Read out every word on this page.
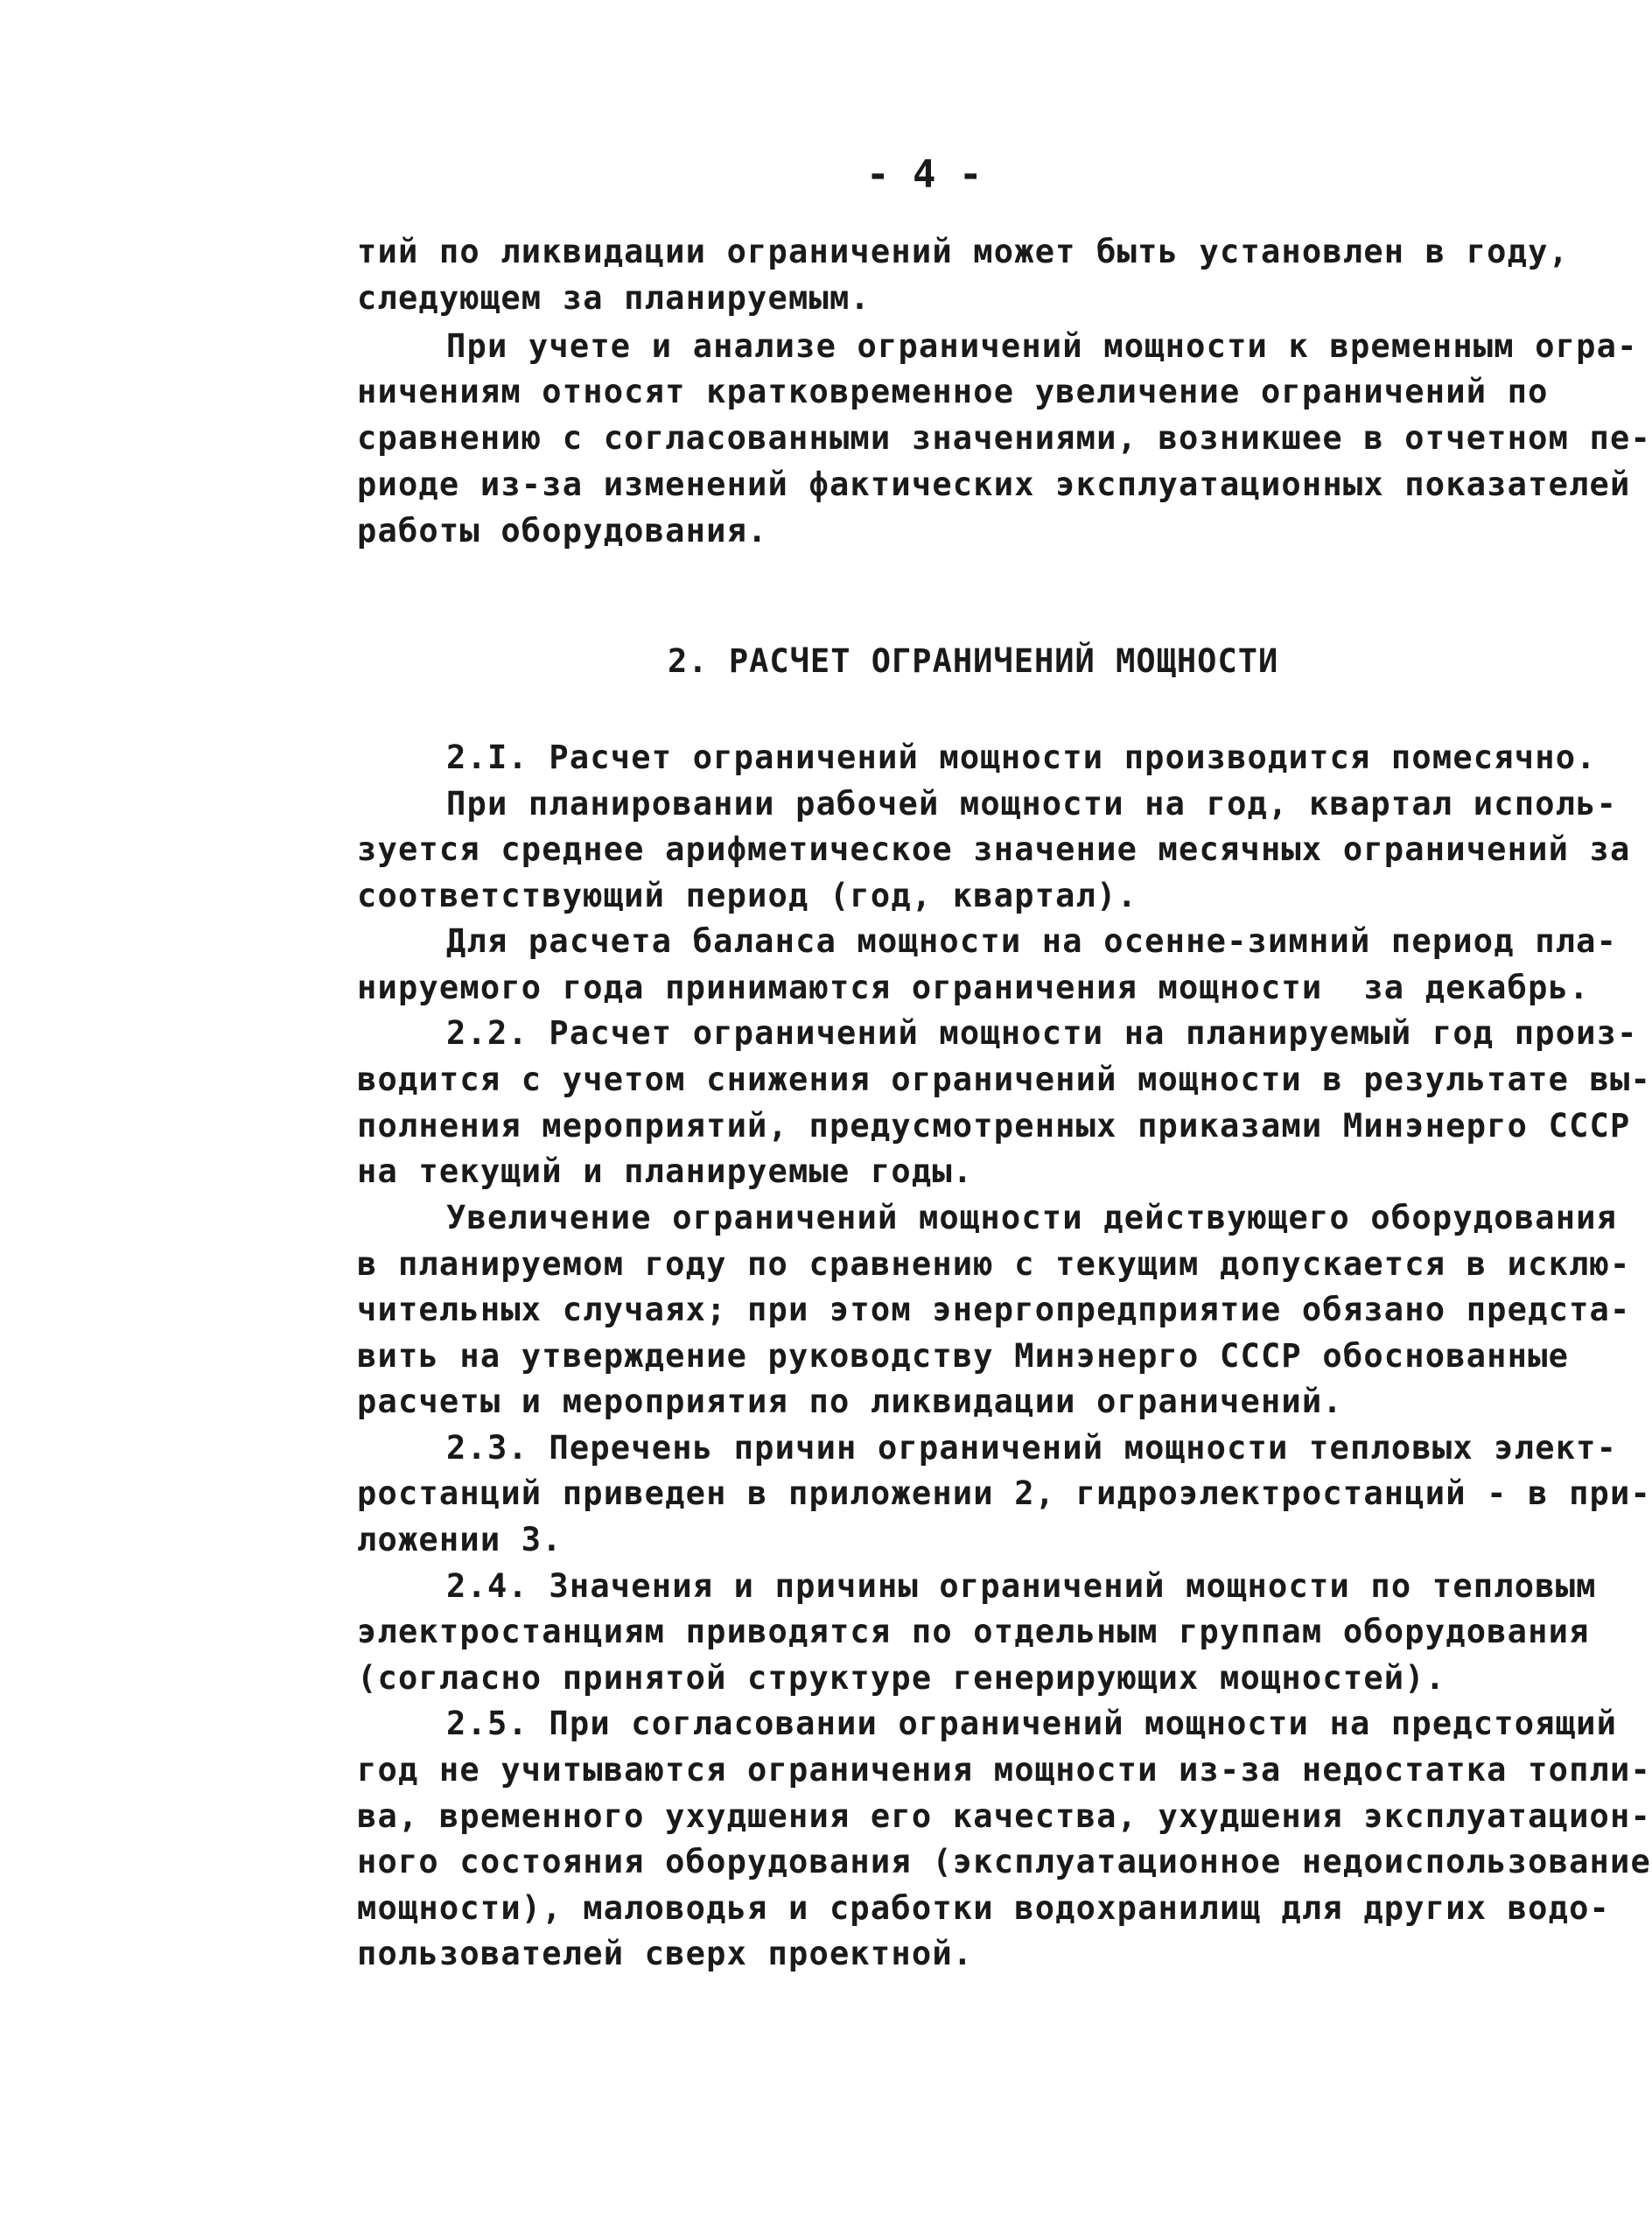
- 4 -
тий по ликвидации ограничений может быть установлен в году,
следующем за планируемым.
При учете и анализе ограничений мощности к временным огра-
ничениям относят кратковременное увеличение ограничений по
сравнению с согласованными значениями, возникшее в отчетном пе-
риоде из-за изменений фактических эксплуатационных показателей
работы оборудования.
2. РАСЧЕТ ОГРАНИЧЕНИЙ МОЩНОСТИ
2.I. Расчет ограничений мощности производится помесячно.
При планировании рабочей мощности на год, квартал исполь-
зуется среднее арифметическое значение месячных ограничений за
соответствующий период (год, квартал).
Для расчета баланса мощности на осенне-зимний период пла-
нируемого года принимаются ограничения мощности  за декабрь.
2.2. Расчет ограничений мощности на планируемый год произ-
водится с учетом снижения ограничений мощности в результате вы-
полнения мероприятий, предусмотренных приказами Минэнерго СССР
на текущий и планируемые годы.
Увеличение ограничений мощности действующего оборудования
в планируемом году по сравнению с текущим допускается в исклю-
чительных случаях; при этом энергопредприятие обязано предста-
вить на утверждение руководству Минэнерго СССР обоснованные
расчеты и мероприятия по ликвидации ограничений.
2.3. Перечень причин ограничений мощности тепловых элект-
ростанций приведен в приложении 2, гидроэлектростанций - в при-
ложении 3.
2.4. Значения и причины ограничений мощности по тепловым
электростанциям приводятся по отдельным группам оборудования
(согласно принятой структуре генерирующих мощностей).
2.5. При согласовании ограничений мощности на предстоящий
год не учитываются ограничения мощности из-за недостатка топли-
ва, временного ухудшения его качества, ухудшения эксплуатацион-
ного состояния оборудования (эксплуатационное недоиспользование
мощности), маловодья и сработки водохранилищ для других водо-
пользователей сверх проектной.
